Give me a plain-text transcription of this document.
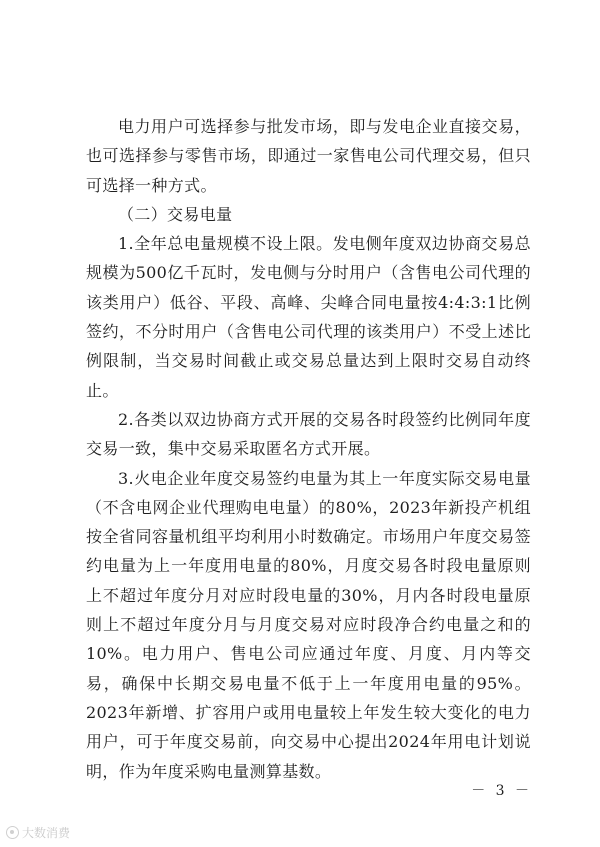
电力用户可选择参与批发市场，即与发电企业直接交易，也可选择参与零售市场，即通过一家售电公司代理交易，但只可选择一种方式。

（二）交易电量

1.全年总电量规模不设上限。发电侧年度双边协商交易总规模为500亿千瓦时，发电侧与分时用户（含售电公司代理的该类用户）低谷、平段、高峰、尖峰合同电量按4:4:3:1比例签约，不分时用户（含售电公司代理的该类用户）不受上述比例限制，当交易时间截止或交易总量达到上限时交易自动终止。

2.各类以双边协商方式开展的交易各时段签约比例同年度交易一致，集中交易采取匿名方式开展。

3.火电企业年度交易签约电量为其上一年度实际交易电量（不含电网企业代理购电电量）的80%，2023年新投产机组按全省同容量机组平均利用小时数确定。市场用户年度交易签约电量为上一年度用电量的80%，月度交易各时段电量原则上不超过年度分月对应时段电量的30%，月内各时段电量原则上不超过年度分月与月度交易对应时段净合约电量之和的10%。电力用户、售电公司应通过年度、月度、月内等交易，确保中长期交易电量不低于上一年度用电量的95%。2023年新增、扩容用户或用电量较上年发生较大变化的电力用户，可于年度交易前，向交易中心提出2024年用电计划说明，作为年度采购电量测算基数。

－ 3 －
大数消费
